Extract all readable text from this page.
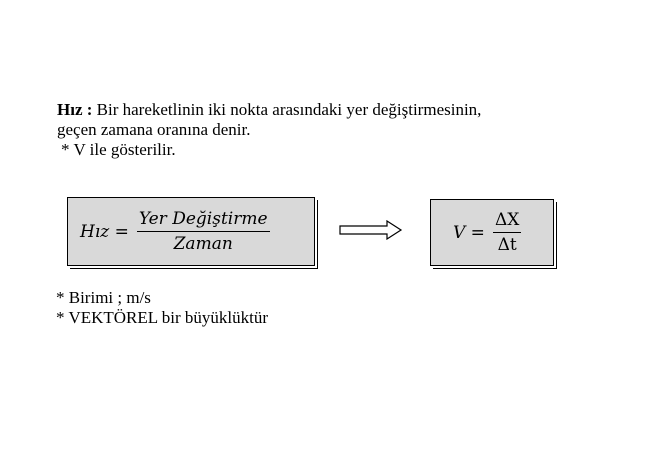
Hız : Bir hareketlinin iki nokta arasındaki yer değiştirmesinin,
geçen zamana oranına denir.
* V ile gösterilir.
Hız = $\frac{\text{Yer Değiştirme}}{\text{Zaman}}$	$V = \frac{\Delta X}{\Delta t}$
* Birimi ; m/s
* VEKTÖREL bir büyüklüktür
